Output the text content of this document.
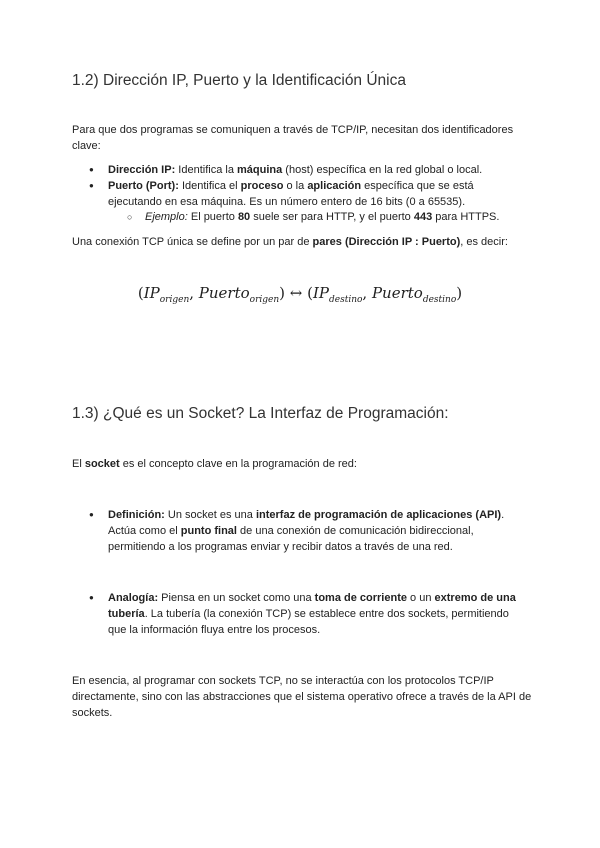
1.2) Dirección IP, Puerto y la Identificación Única

Para que dos programas se comuniquen a través de TCP/IP, necesitan dos identificadores clave:

● Dirección IP: Identifica la máquina (host) específica en la red global o local.
● Puerto (Port): Identifica el proceso o la aplicación específica que se está ejecutando en esa máquina. Es un número entero de 16 bits (0 a 65535).
○ Ejemplo: El puerto 80 suele ser para HTTP, y el puerto 443 para HTTPS.

Una conexión TCP única se define por un par de pares (Dirección IP : Puerto), es decir:

($IP_{origen}$, Puerto$_{origen}$) ↔ ($IP_{destino}$, Puerto$_{destino}$)
1.3) ¿Qué es un Socket? La Interfaz de Programación:

El socket es el concepto clave en la programación de red:

● Definición: Un socket es una interfaz de programación de aplicaciones (API). Actúa como el punto final de una conexión de comunicación bidireccional, permitiendo a los programas enviar y recibir datos a través de una red.
● Analogía: Piensa en un socket como una toma de corriente o un extremo de una tubería. La tubería (la conexión TCP) se establece entre dos sockets, permitiendo que la información fluya entre los procesos.

En esencia, al programar con sockets TCP, no se interactúa con los protocolos TCP/IP directamente, sino con las abstracciones que el sistema operativo ofrece a través de la API de sockets.
